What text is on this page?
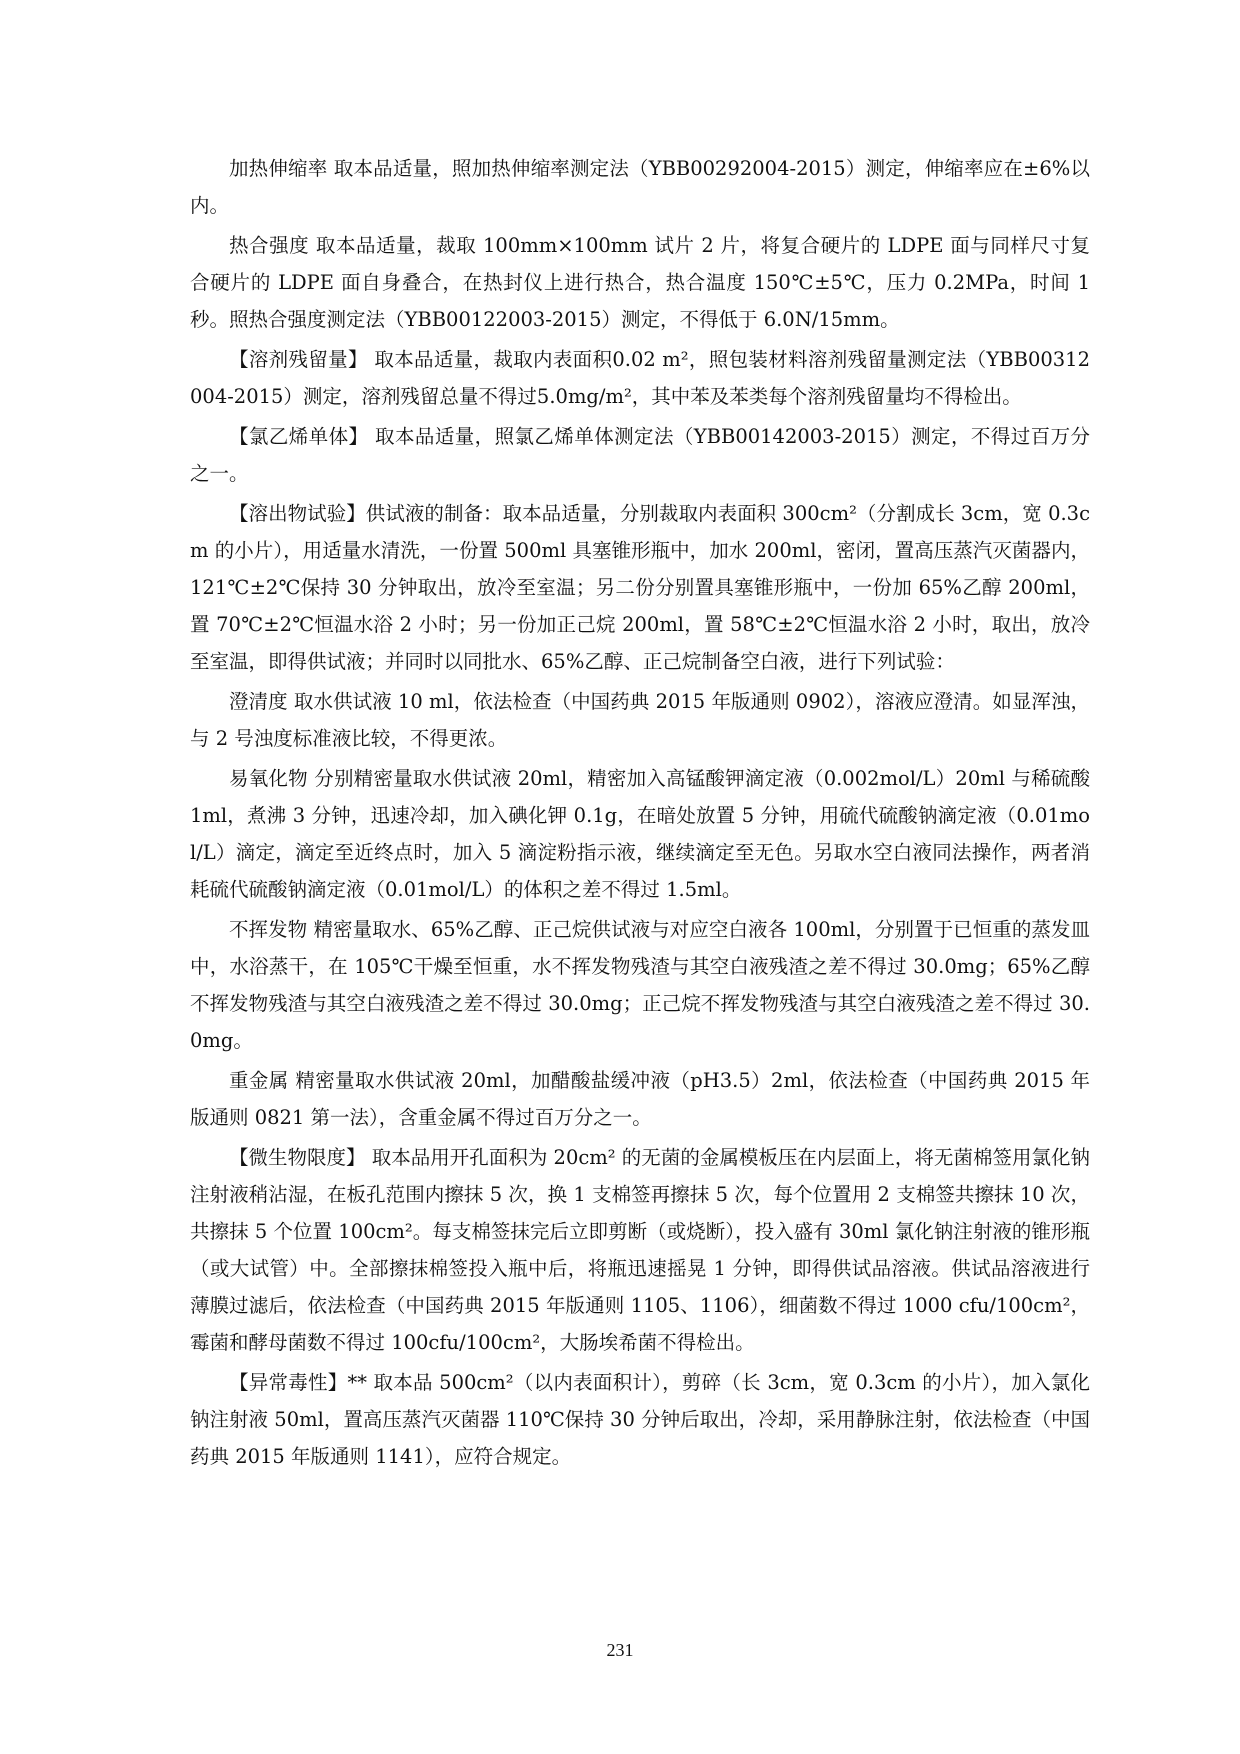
加热伸缩率 取本品适量，照加热伸缩率测定法（YBB00292004-2015）测定，伸缩率应在±6%以内。

热合强度 取本品适量，裁取 100mm×100mm 试片 2 片，将复合硬片的 LDPE 面与同样尺寸复合硬片的 LDPE 面自身叠合，在热封仪上进行热合，热合温度 150℃±5℃，压力 0.2MPa，时间 1 秒。照热合强度测定法（YBB00122003-2015）测定，不得低于 6.0N/15mm。

【溶剂残留量】 取本品适量，裁取内表面积0.02 m²，照包装材料溶剂残留量测定法（YBB00312004-2015）测定，溶剂残留总量不得过5.0mg/m²，其中苯及苯类每个溶剂残留量均不得检出。

【氯乙烯单体】 取本品适量，照氯乙烯单体测定法（YBB00142003-2015）测定，不得过百万分之一。

【溶出物试验】供试液的制备：取本品适量，分别裁取内表面积 300cm²（分割成长 3cm，宽 0.3cm 的小片），用适量水清洗，一份置 500ml 具塞锥形瓶中，加水 200ml，密闭，置高压蒸汽灭菌器内，121℃±2℃保持 30 分钟取出，放冷至室温；另二份分别置具塞锥形瓶中，一份加 65%乙醇 200ml，置 70℃±2℃恒温水浴 2 小时；另一份加正己烷 200ml，置 58℃±2℃恒温水浴 2 小时，取出，放冷至室温，即得供试液；并同时以同批水、65%乙醇、正己烷制备空白液，进行下列试验：

澄清度 取水供试液 10 ml，依法检查（中国药典 2015 年版通则 0902），溶液应澄清。如显浑浊，与 2 号浊度标准液比较，不得更浓。

易氧化物 分别精密量取水供试液 20ml，精密加入高锰酸钾滴定液（0.002mol/L）20ml 与稀硫酸 1ml，煮沸 3 分钟，迅速冷却，加入碘化钾 0.1g，在暗处放置 5 分钟，用硫代硫酸钠滴定液（0.01mol/L）滴定，滴定至近终点时，加入 5 滴淀粉指示液，继续滴定至无色。另取水空白液同法操作，两者消耗硫代硫酸钠滴定液（0.01mol/L）的体积之差不得过 1.5ml。

不挥发物 精密量取水、65%乙醇、正己烷供试液与对应空白液各 100ml，分别置于已恒重的蒸发皿中，水浴蒸干，在 105℃干燥至恒重，水不挥发物残渣与其空白液残渣之差不得过 30.0mg；65%乙醇不挥发物残渣与其空白液残渣之差不得过 30.0mg；正己烷不挥发物残渣与其空白液残渣之差不得过 30.0mg。

重金属 精密量取水供试液 20ml，加醋酸盐缓冲液（pH3.5）2ml，依法检查（中国药典 2015 年版通则 0821 第一法），含重金属不得过百万分之一。

【微生物限度】 取本品用开孔面积为 20cm² 的无菌的金属模板压在内层面上，将无菌棉签用氯化钠注射液稍沾湿，在板孔范围内擦抹 5 次，换 1 支棉签再擦抹 5 次，每个位置用 2 支棉签共擦抹 10 次，共擦抹 5 个位置 100cm²。每支棉签抹完后立即剪断（或烧断），投入盛有 30ml 氯化钠注射液的锥形瓶（或大试管）中。全部擦抹棉签投入瓶中后，将瓶迅速摇晃 1 分钟，即得供试品溶液。供试品溶液进行薄膜过滤后，依法检查（中国药典 2015 年版通则 1105、1106），细菌数不得过 1000 cfu/100cm²，霉菌和酵母菌数不得过 100cfu/100cm²，大肠埃希菌不得检出。

【异常毒性】** 取本品 500cm²（以内表面积计），剪碎（长 3cm，宽 0.3cm 的小片），加入氯化钠注射液 50ml，置高压蒸汽灭菌器 110℃保持 30 分钟后取出，冷却，采用静脉注射，依法检查（中国药典 2015 年版通则 1141），应符合规定。

231
